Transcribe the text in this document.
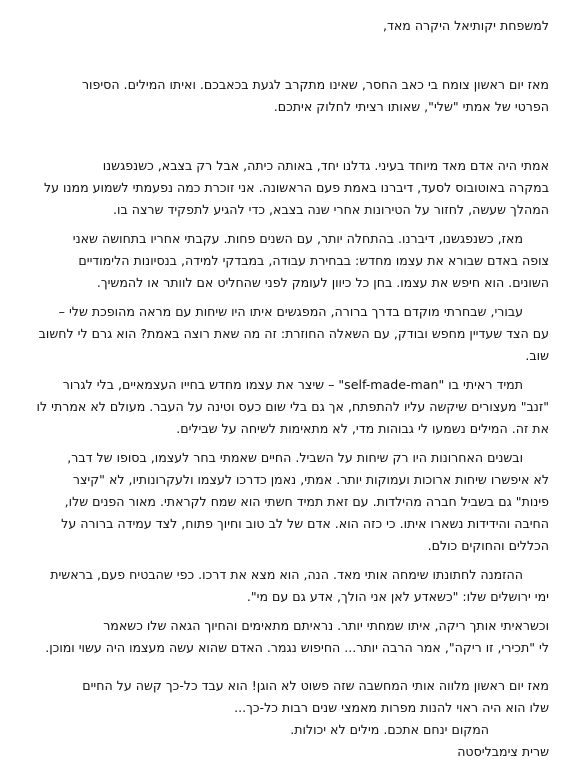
למשפחת יקותיאל היקרה מאד,
מאז יום ראשון צומח בי כאב החסר, שאינו מתקרב לגעת בכאבכם. ואיתו המילים. הסיפור
הפרטי של אמתי "שלי", שאותו רציתי לחלוק איתכם.
אמתי היה אדם מאד מיוחד בעיני. גדלנו יחד, באותה כיתה, אבל רק בצבא, כשנפגשנו
במקרה באוטובוס לסעד, דיברנו באמת פעם הראשונה. אני זוכרת כמה נפעמתי לשמוע ממנו על
המהלך שעשה, לחזור על הטירונות אחרי שנה בצבא, כדי להגיע לתפקיד שרצה בו.
מאז, כשנפגשנו, דיברנו. בהתחלה יותר, עם השנים פחות. עקבתי אחריו בתחושה שאני
צופה באדם שבורא את עצמו מחדש: בבחירת עבודה, במבדקי למידה, בנסיונות הלימודיים
השונים. הוא חיפש את עצמו. בחן כל כיוון לעומק לפני שהחליט אם לוותר או להמשיך.
עבורי, שבחרתי מוקדם בדרך ברורה, המפגשים איתו היו שיחות עם מראה מהופכת שלי –
עם הצד שעדיין מחפש ובודק, עם השאלה החוזרת: זה מה שאת רוצה באמת? הוא גרם לי לחשוב
שוב.
תמיד ראיתי בו "self-made-man" – שיצר את עצמו מחדש בחייו העצמאיים, בלי לגרור
"זנב" מעצורים שיקשה עליו להתפתח, אך גם בלי שום כעס וטינה על העבר. מעולם לא אמרתי לו
את זה. המילים נשמעו לי גבוהות מדי, לא מתאימות לשיחה על שבילים.
ובשנים האחרונות היו רק שיחות על השביל. החיים שאמתי בחר לעצמו, בסופו של דבר,
לא איפשרו שיחות ארוכות ועמוקות יותר. אמתי, נאמן כדרכו לעצמו ולעקרונותיו, לא "קיצר
פינות" גם בשביל חברה מהילדות. עם זאת תמיד חשתי הוא שמח לקראתי. מאור הפנים שלו,
החיבה והידידות נשארו איתו. כי כזה הוא. אדם של לב טוב וחיוך פתוח, לצד עמידה ברורה על
הכללים והחוקים כולם.
ההזמנה לחתונתו שימחה אותי מאד. הנה, הוא מצא את דרכו. כפי שהבטיח פעם, בראשית
ימי ירושלים שלו: "כשאדע לאן אני הולך, אדע גם עם מי".
וכשראיתי אותך ריקה, איתו שמחתי יותר. נראיתם מתאימים והחיוך הגאה שלו כשאמר
לי "תכירי, זו ריקה", אמר הרבה יותר... החיפוש נגמר. האדם שהוא עשה מעצמו היה עשוי ומוכן.
מאז יום ראשון מלווה אותי המחשבה שזה פשוט לא הוגן! הוא עבד כל-כך קשה על החיים
שלו הוא היה ראוי להנות מפרות מאמצי שנים רבות כל-כך...
המקום ינחם אתכם. מילים לא יכולות.
שרית צימבליסטה
